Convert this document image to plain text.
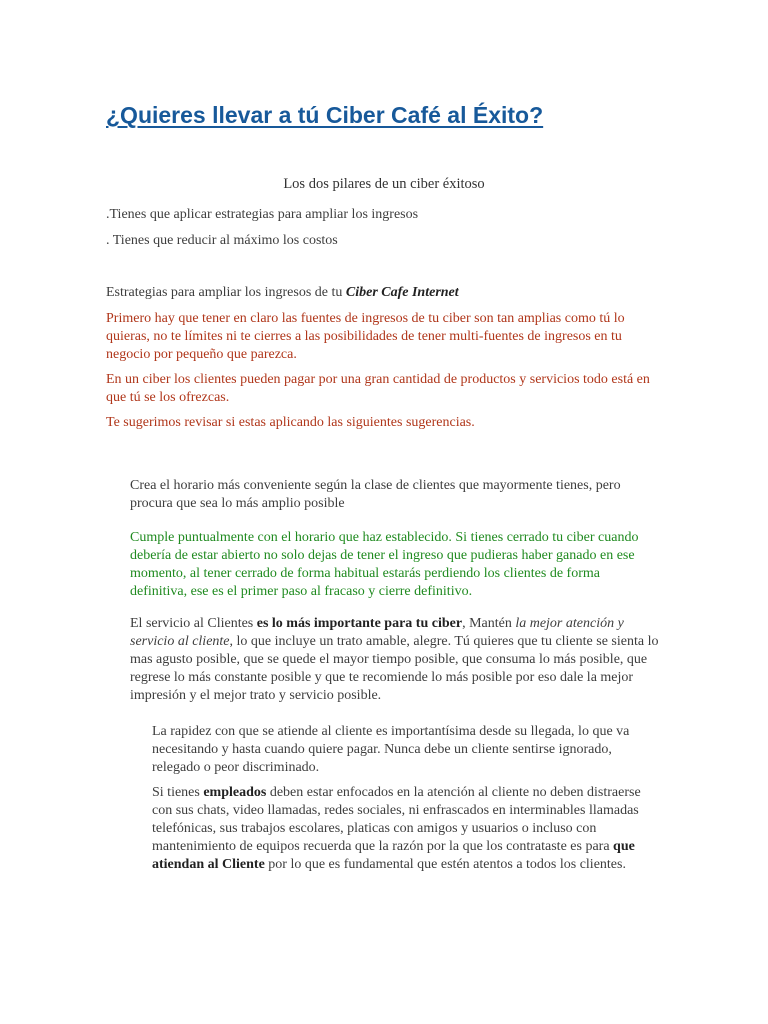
¿Quieres llevar a tú Ciber Café al Éxito?
Los dos pilares de un ciber éxitoso

.Tienes que aplicar estrategias para ampliar los ingresos

. Tienes que reducir al máximo los costos

Estrategias para ampliar los ingresos de tu Ciber Cafe Internet

Primero hay que tener en claro las fuentes de ingresos de tu ciber son tan amplias como tú lo quieras, no te límites ni te cierres a las posibilidades de tener multi-fuentes de ingresos en tu negocio por pequeño que parezca.

En un ciber los clientes pueden pagar por una gran cantidad de productos y servicios todo está en que tú se los ofrezcas.

Te sugerimos revisar si estas aplicando las siguientes sugerencias.

Crea el horario más conveniente según la clase de clientes que mayormente tienes, pero procura que sea lo más amplio posible

Cumple puntualmente con el horario que haz establecido. Si tienes cerrado tu ciber cuando debería de estar abierto no solo dejas de tener el ingreso que pudieras haber ganado en ese momento, al tener cerrado de forma habitual estarás perdiendo los clientes de forma definitiva, ese es el primer paso al fracaso y cierre definitivo.

El servicio al Clientes es lo más importante para tu ciber, Mantén la mejor atención y servicio al cliente, lo que incluye un trato amable, alegre. Tú quieres que tu cliente se sienta lo mas agusto posible, que se quede el mayor tiempo posible, que consuma lo más posible, que regrese lo más constante posible y que te recomiende lo más posible por eso dale la mejor impresión y el mejor trato y servicio posible.

La rapidez con que se atiende al cliente es importantísima desde su llegada, lo que va necesitando y hasta cuando quiere pagar. Nunca debe un cliente sentirse ignorado, relegado o peor discriminado.

Si tienes empleados deben estar enfocados en la atención al cliente no deben distraerse con sus chats, video llamadas, redes sociales, ni enfrascados en interminables llamadas telefónicas, sus trabajos escolares, platicas con amigos y usuarios o incluso con mantenimiento de equipos recuerda que la razón por la que los contrataste es para que atiendan al Cliente por lo que es fundamental que estén atentos a todos los clientes.
